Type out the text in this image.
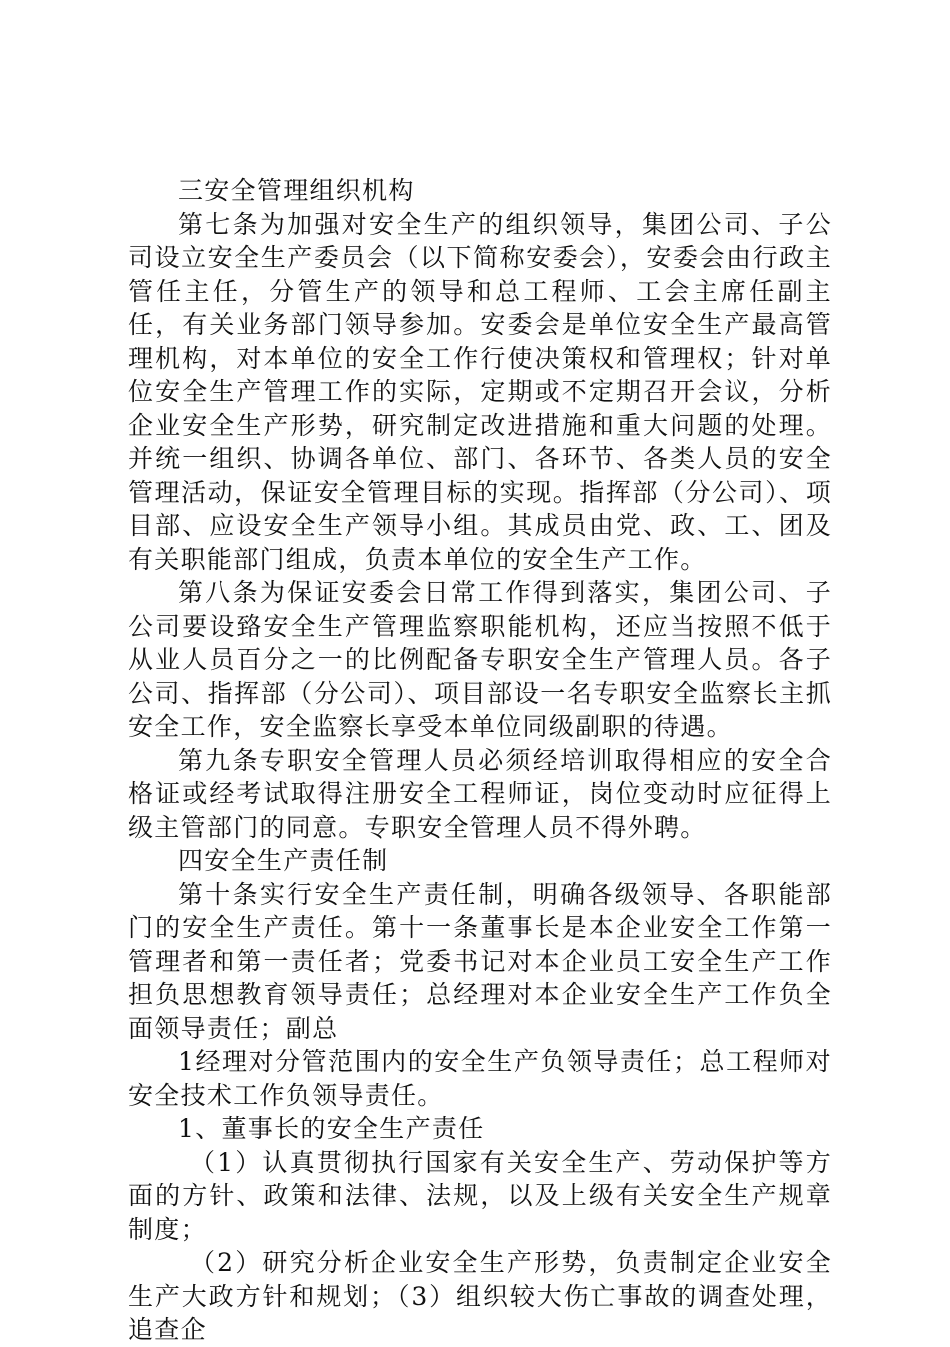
三安全管理组织机构

第七条为加强对安全生产的组织领导，集团公司、子公司设立安全生产委员会（以下简称安委会），安委会由行政主管任主任，分管生产的领导和总工程师、工会主席任副主任，有关业务部门领导参加。安委会是单位安全生产最高管理机构，对本单位的安全工作行使决策权和管理权；针对单位安全生产管理工作的实际，定期或不定期召开会议，分析企业安全生产形势，研究制定改进措施和重大问题的处理。并统一组织、协调各单位、部门、各环节、各类人员的安全管理活动，保证安全管理目标的实现。指挥部（分公司）、项目部、应设安全生产领导小组。其成员由党、政、工、团及有关职能部门组成，负责本单位的安全生产工作。

第八条为保证安委会日常工作得到落实，集团公司、子公司要设臵安全生产管理监察职能机构，还应当按照不低于从业人员百分之一的比例配备专职安全生产管理人员。各子公司、指挥部（分公司）、项目部设一名专职安全监察长主抓安全工作，安全监察长享受本单位同级副职的待遇。

第九条专职安全管理人员必须经培训取得相应的安全合格证或经考试取得注册安全工程师证，岗位变动时应征得上级主管部门的同意。专职安全管理人员不得外聘。

四安全生产责任制

第十条实行安全生产责任制，明确各级领导、各职能部门的安全生产责任。第十一条董事长是本企业安全工作第一管理者和第一责任者；党委书记对本企业员工安全生产工作担负思想教育领导责任；总经理对本企业安全生产工作负全面领导责任；副总

1经理对分管范围内的安全生产负领导责任；总工程师对安全技术工作负领导责任。

1、董事长的安全生产责任

（1）认真贯彻执行国家有关安全生产、劳动保护等方面的方针、政策和法律、法规，以及上级有关安全生产规章制度；

（2）研究分析企业安全生产形势，负责制定企业安全生产大政方针和规划；（3）组织较大伤亡事故的调查处理，追查企
